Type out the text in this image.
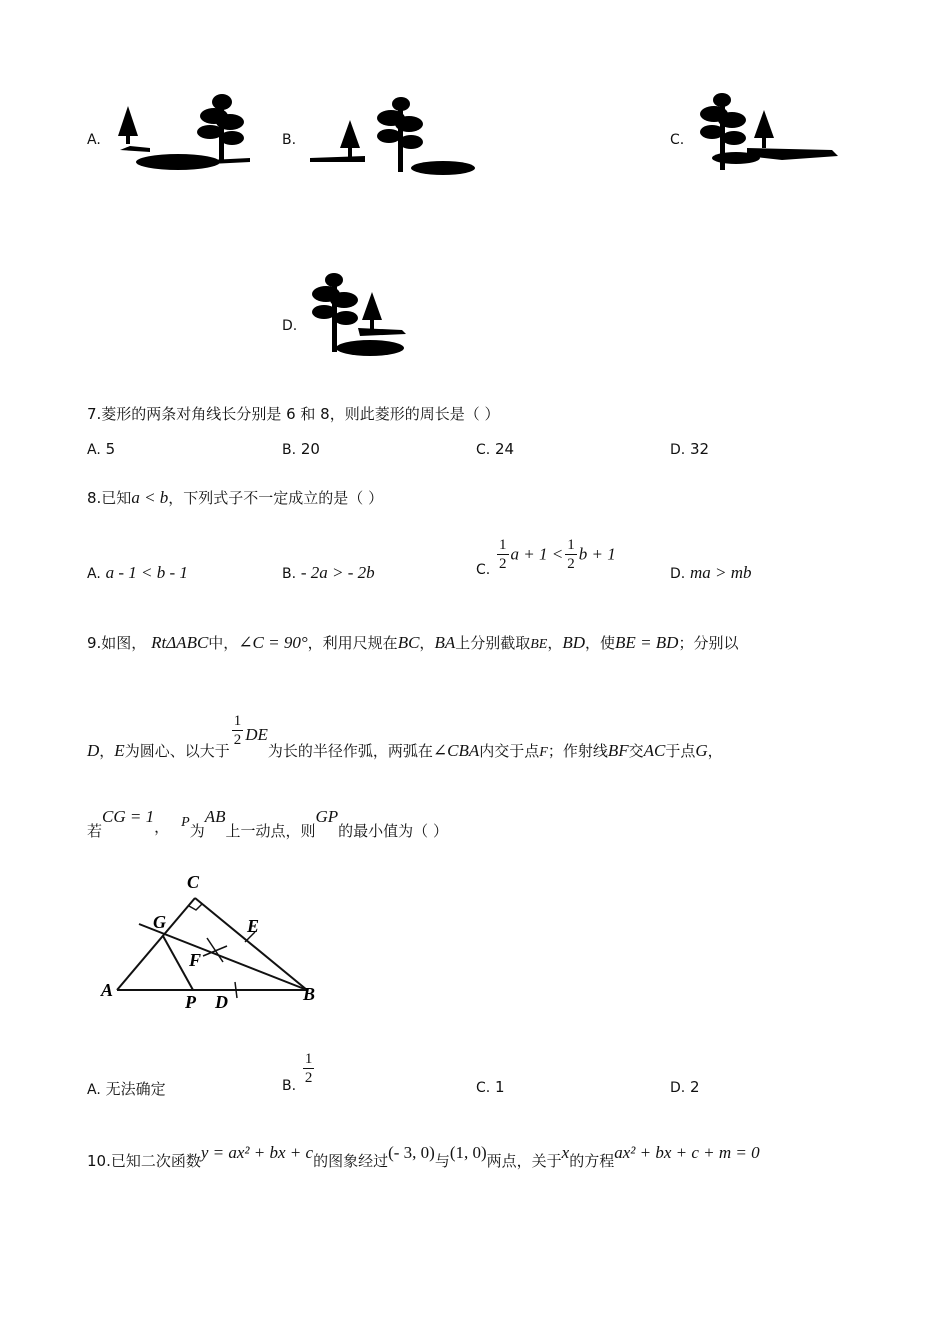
A.	B.	C.
D.
7.菱形的两条对角线长分别是 6 和 8，则此菱形的周长是（ ）
A. 5	B. 20	C. 24	D. 32
8.已知a < b，下列式子不一定成立的是（ ）
A. a - 1 < b - 1	B. - 2a > - 2b	C. $\frac{1}{2}$ $a + 1 < \frac{1}{2}$ b + 1
D. ma > mb
9.如图， RtΔABC中，∠C = 90°，利用尺规在BC，BA上分别截取BE，BD，使BE = BD；分别以
D，E为圆心、以大于
$\frac{1}{2}$ DE为长的半径作弧，两弧在∠CBA内交于点F；作射线BF交AC于点G，
若CG = 1， P为AB上一动点，则GP的最小值为（ ）
C
G	E
F
A
P D	B
A. 无法确定	B. $\frac{1}{2}$
C. 1	D. 2
10.已知二次函数y = ax² + bx + c的图象经过(- 3, 0)与(1, 0)两点，关于x的方程ax² + bx + c + m = 0
